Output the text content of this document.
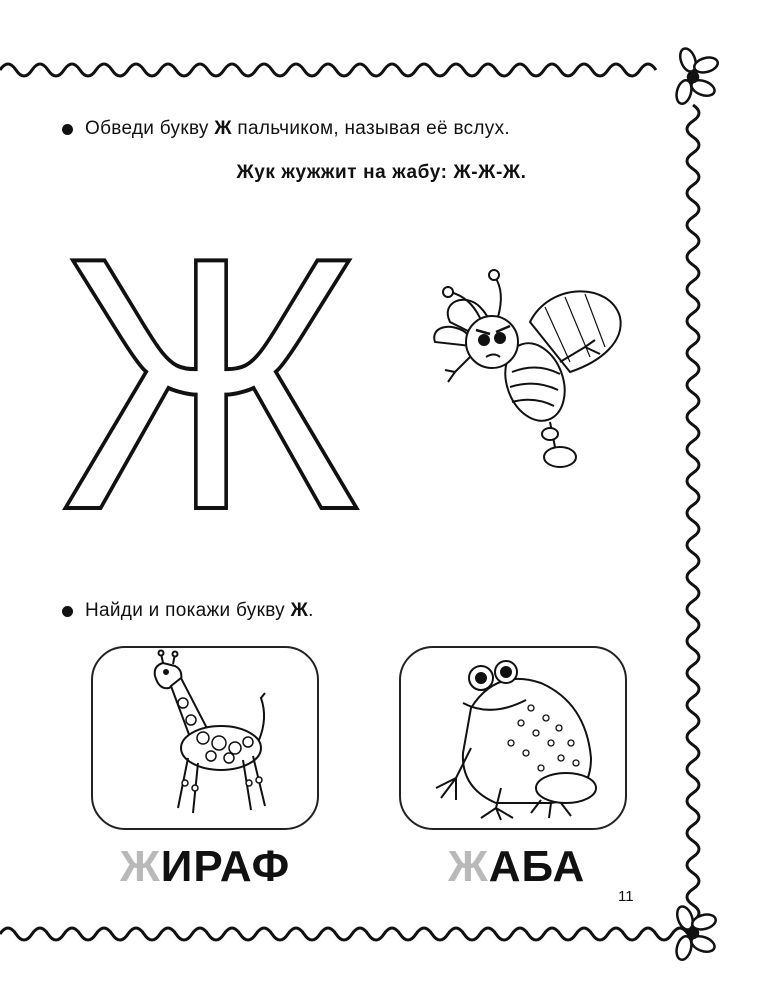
Обведи букву Ж пальчиком, называя её вслух.
Жук жужжит на жабу: Ж-Ж-Ж.
Ж
Найди и покажи букву Ж.
ЖИРАФ	ЖАБА
11
